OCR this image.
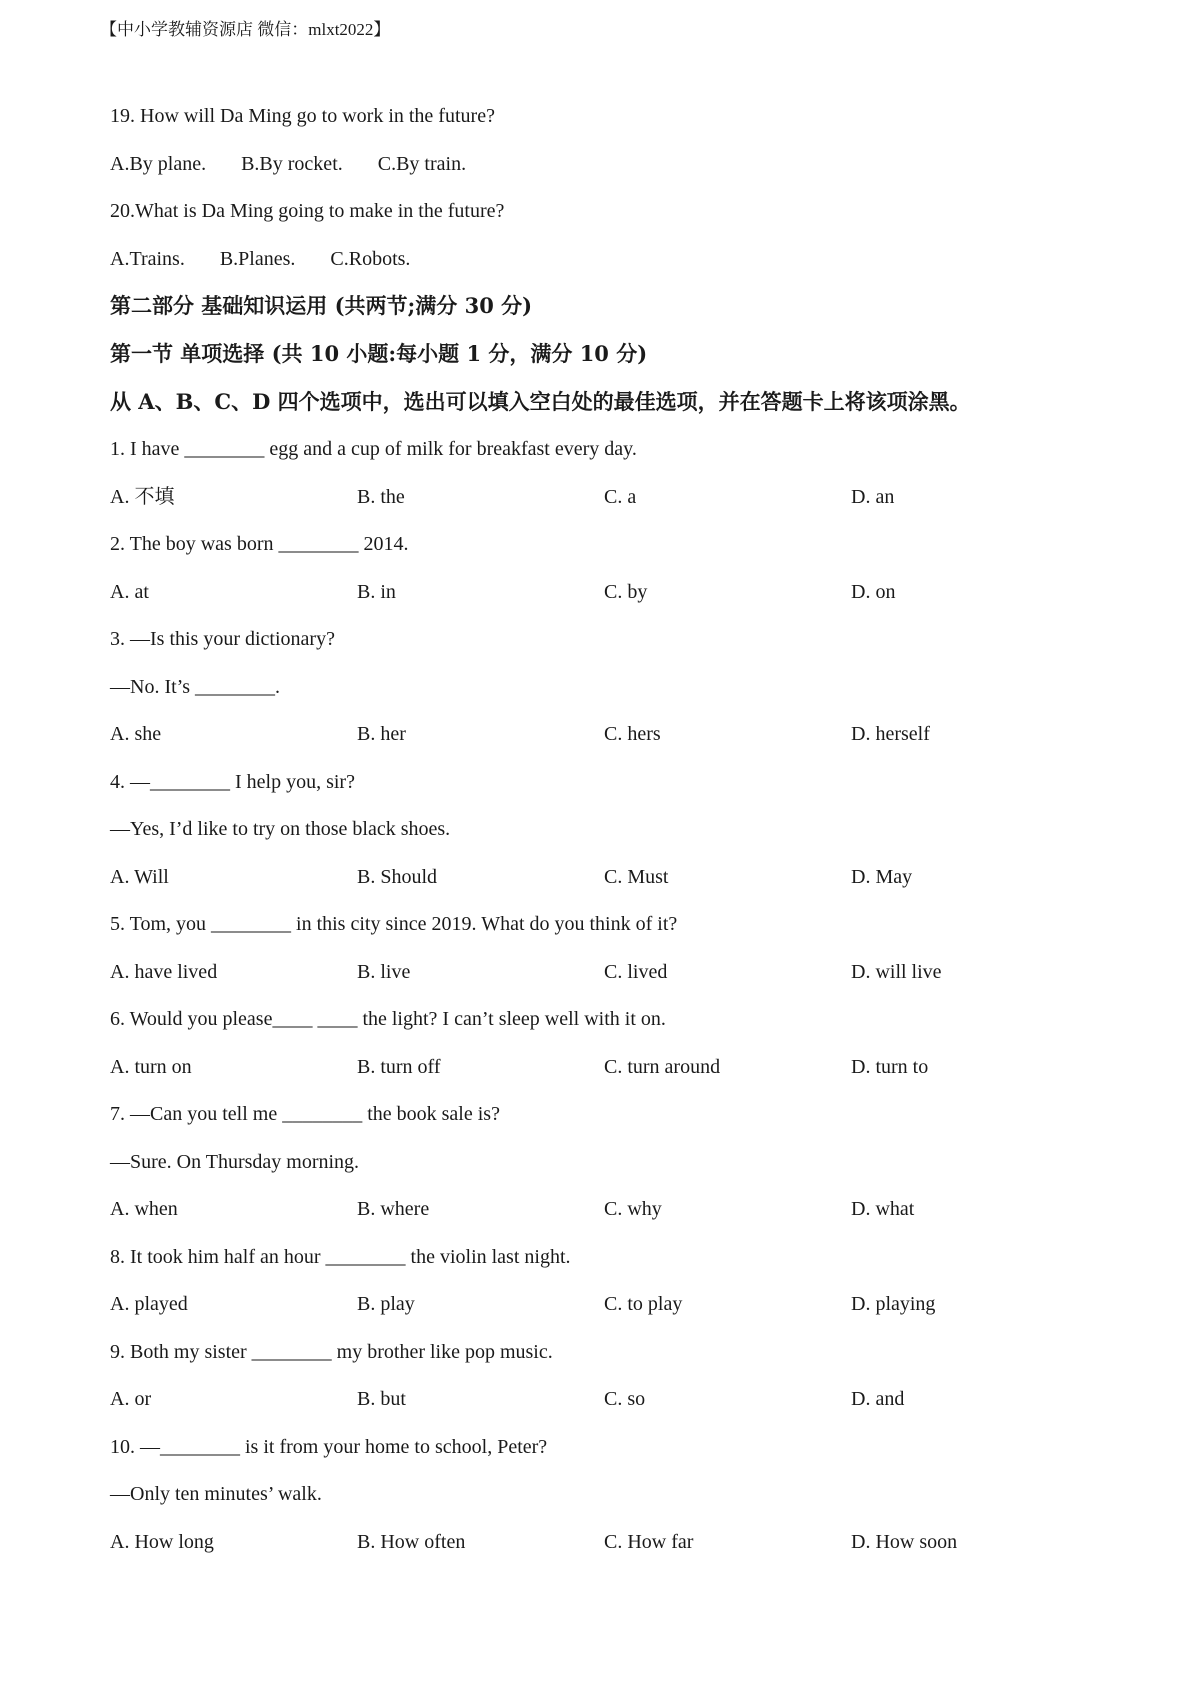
【中小学教辅资源店 微信：mlxt2022】
19. How will Da Ming go to work in the future?
A.By plane. B.By rocket. C.By train.
20.What is Da Ming going to make in the future?
A.Trains. B.Planes. C.Robots.
第二部分 基础知识运用 (共两节;满分 30 分)
第一节 单项选择 (共 10 小题:每小题 1 分，满分 10 分)
从 A、B、C、D 四个选项中，选出可以填入空白处的最佳选项，并在答题卡上将该项涂黑。
1. I have ________ egg and a cup of milk for breakfast every day.
A. 不填	B. the	C. a	D. an
2. The boy was born ________ 2014.
A. at	B. in	C. by	D. on
3. —Is this your dictionary?
—No. It’s ________.
A. she	B. her	C. hers	D. herself
4. —________ I help you, sir?
—Yes, I’d like to try on those black shoes.
A. Will	B. Should	C. Must	D. May
5. Tom, you ________ in this city since 2019. What do you think of it?
A. have lived	B. live	C. lived	D. will live
6. Would you please____ ____ the light? I can’t sleep well with it on.
A. turn on	B. turn off	C. turn around	D. turn to
7. —Can you tell me ________ the book sale is?
—Sure. On Thursday morning.
A. when	B. where	C. why	D. what
8. It took him half an hour ________ the violin last night.
A. played	B. play	C. to play	D. playing
9. Both my sister ________ my brother like pop music.
A. or	B. but	C. so	D. and
10. —________ is it from your home to school, Peter?
—Only ten minutes’ walk.
A. How long	B. How often	C. How far	D. How soon
